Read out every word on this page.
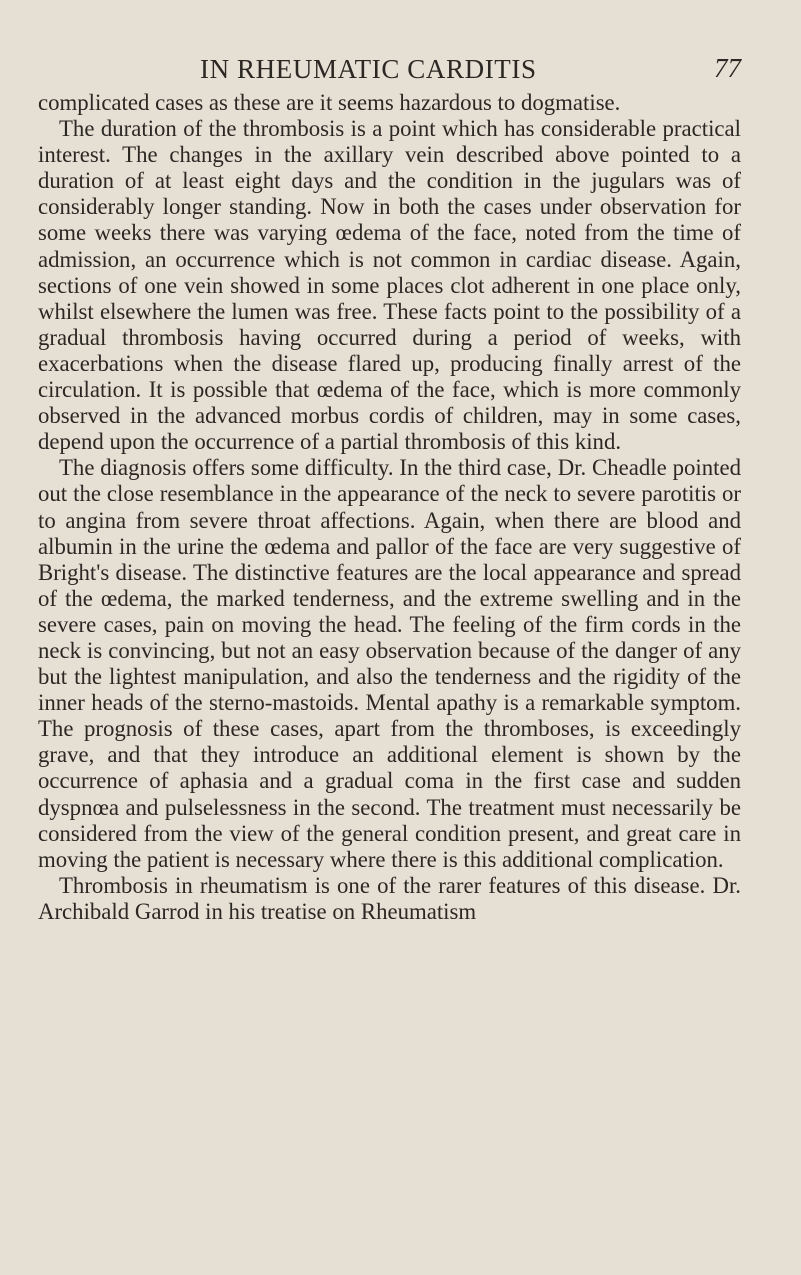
IN RHEUMATIC CARDITIS	77

complicated cases as these are it seems hazardous to dogmatise.

The duration of the thrombosis is a point which has considerable practical interest. The changes in the axillary vein described above pointed to a duration of at least eight days and the condition in the jugulars was of considerably longer standing. Now in both the cases under observation for some weeks there was varying œdema of the face, noted from the time of admission, an occurrence which is not common in cardiac disease. Again, sections of one vein showed in some places clot adherent in one place only, whilst elsewhere the lumen was free. These facts point to the possibility of a gradual thrombosis having occurred during a period of weeks, with exacerbations when the disease flared up, producing finally arrest of the circulation. It is possible that œdema of the face, which is more commonly observed in the advanced morbus cordis of children, may in some cases, depend upon the occurrence of a partial thrombosis of this kind.

The diagnosis offers some difficulty. In the third case, Dr. Cheadle pointed out the close resemblance in the appearance of the neck to severe parotitis or to angina from severe throat affections. Again, when there are blood and albumin in the urine the œdema and pallor of the face are very suggestive of Bright's disease. The distinctive features are the local appearance and spread of the œdema, the marked tenderness, and the extreme swelling and in the severe cases, pain on moving the head. The feeling of the firm cords in the neck is convincing, but not an easy observation because of the danger of any but the lightest manipulation, and also the tenderness and the rigidity of the inner heads of the sterno-mastoids. Mental apathy is a remarkable symptom. The prognosis of these cases, apart from the thromboses, is exceedingly grave, and that they introduce an additional element is shown by the occurrence of aphasia and a gradual coma in the first case and sudden dyspnœa and pulselessness in the second. The treatment must necessarily be considered from the view of the general condition present, and great care in moving the patient is necessary where there is this additional complication.

Thrombosis in rheumatism is one of the rarer features of this disease. Dr. Archibald Garrod in his treatise on Rheumatism
